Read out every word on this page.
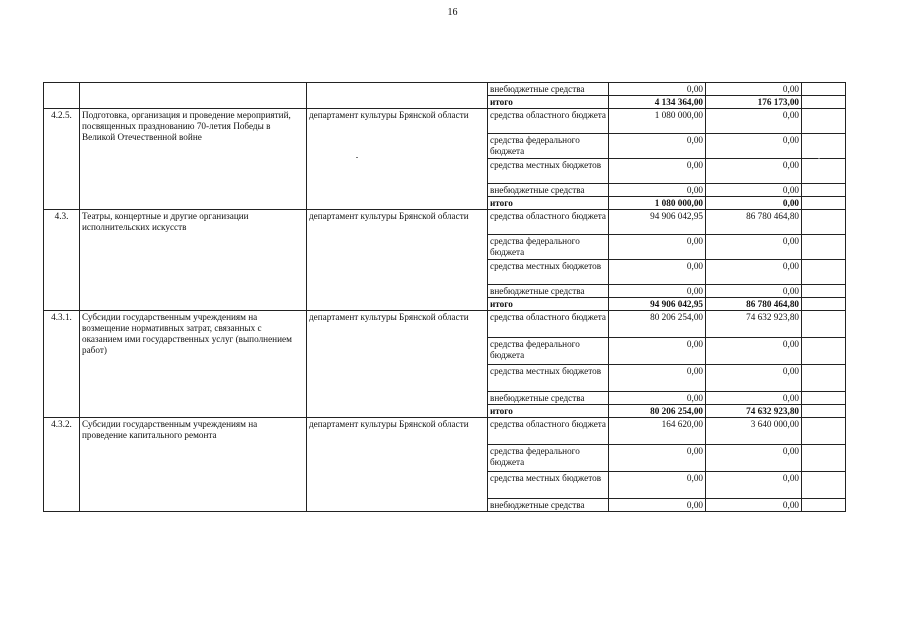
16
			внебюджетные средства	0,00	0,00	
			итого	4 134 364,00	176 173,00	
4.2.5.	Подготовка, организация и проведение мероприятий, посвященных празднованию 70-летия Победы в Великой Отечественной войне	департамент культуры Брянской области	средства областного бюджета	1 080 000,00	0,00	
			средства федерального бюджета	0,00	0,00	
			средства местных бюджетов	0,00	0,00	
			внебюджетные средства	0,00	0,00	
			итого	1 080 000,00	0,00	
4.3.	Театры, концертные и другие организации исполнительских искусств	департамент культуры Брянской области	средства областного бюджета	94 906 042,95	86 780 464,80	
			средства федерального бюджета	0,00	0,00	
			средства местных бюджетов	0,00	0,00	
			внебюджетные средства	0,00	0,00	
			итого	94 906 042,95	86 780 464,80	
4.3.1.	Субсидии государственным учреждениям на возмещение нормативных затрат, связанных с оказанием ими государственных услуг (выполнением работ)	департамент культуры Брянской области	средства областного бюджета	80 206 254,00	74 632 923,80	
			средства федерального бюджета	0,00	0,00	
			средства местных бюджетов	0,00	0,00	
			внебюджетные средства	0,00	0,00	
			итого	80 206 254,00	74 632 923,80	
4.3.2.	Субсидии государственным учреждениям на проведение капитального ремонта	департамент культуры Брянской области	средства областного бюджета	164 620,00	3 640 000,00	
			средства федерального бюджета	0,00	0,00	
			средства местных бюджетов	0,00	0,00	
			внебюджетные средства	0,00	0,00	
